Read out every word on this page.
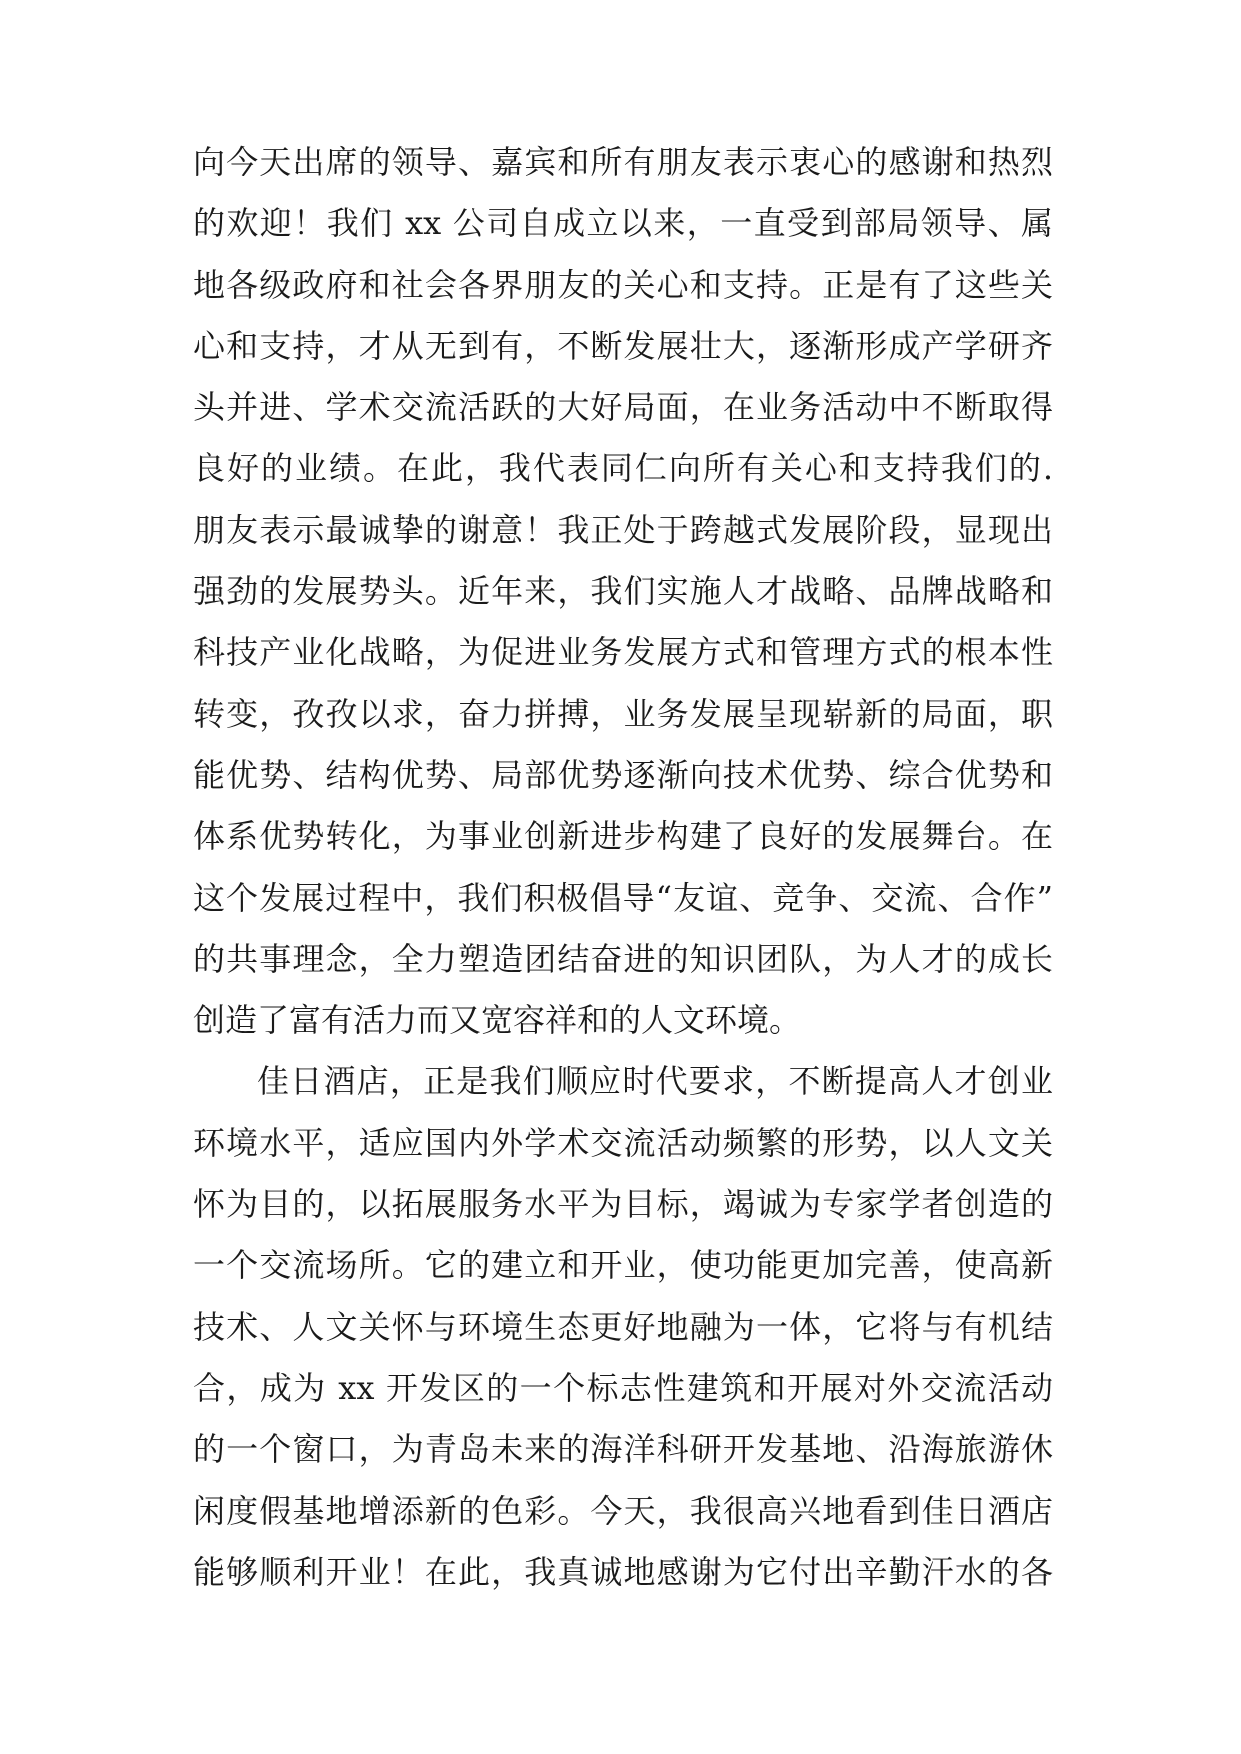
向今天出席的领导、嘉宾和所有朋友表示衷心的感谢和热烈
的欢迎！我们 xx 公司自成立以来，一直受到部局领导、属
地各级政府和社会各界朋友的关心和支持。正是有了这些关
心和支持，才从无到有，不断发展壮大，逐渐形成产学研齐
头并进、学术交流活跃的大好局面，在业务活动中不断取得
良好的业绩。在此，我代表同仁向所有关心和支持我们的.
朋友表示最诚挚的谢意！我正处于跨越式发展阶段，显现出
强劲的发展势头。近年来，我们实施人才战略、品牌战略和
科技产业化战略，为促进业务发展方式和管理方式的根本性
转变，孜孜以求，奋力拼搏，业务发展呈现崭新的局面，职
能优势、结构优势、局部优势逐渐向技术优势、综合优势和
体系优势转化，为事业创新进步构建了良好的发展舞台。在
这个发展过程中，我们积极倡导“友谊、竞争、交流、合作”
的共事理念，全力塑造团结奋进的知识团队，为人才的成长
创造了富有活力而又宽容祥和的人文环境。
佳日酒店，正是我们顺应时代要求，不断提高人才创业
环境水平，适应国内外学术交流活动频繁的形势，以人文关
怀为目的，以拓展服务水平为目标，竭诚为专家学者创造的
一个交流场所。它的建立和开业，使功能更加完善，使高新
技术、人文关怀与环境生态更好地融为一体，它将与有机结
合，成为 xx 开发区的一个标志性建筑和开展对外交流活动
的一个窗口，为青岛未来的海洋科研开发基地、沿海旅游休
闲度假基地增添新的色彩。今天，我很高兴地看到佳日酒店
能够顺利开业！在此，我真诚地感谢为它付出辛勤汗水的各
